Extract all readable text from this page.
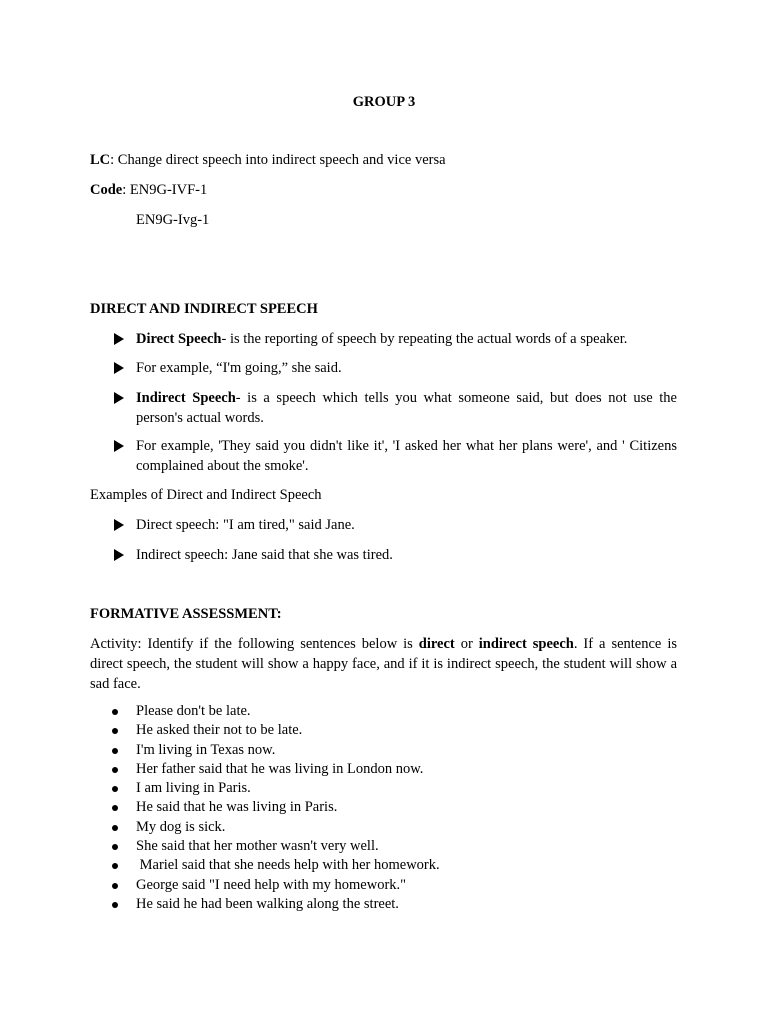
GROUP 3
LC: Change direct speech into indirect speech and vice versa
Code: EN9G-IVF-1
EN9G-Ivg-1
DIRECT AND INDIRECT SPEECH
Direct Speech- is the reporting of speech by repeating the actual words of a speaker.
For example, “I'm going,” she said.
Indirect Speech- is a speech which tells you what someone said, but does not use the person's actual words.
For example, 'They said you didn't like it', 'I asked her what her plans were', and ' Citizens complained about the smoke'.
Examples of Direct and Indirect Speech
Direct speech: "I am tired," said Jane.
Indirect speech: Jane said that she was tired.
FORMATIVE ASSESSMENT:
Activity: Identify if the following sentences below is direct or indirect speech. If a sentence is direct speech, the student will show a happy face, and if it is indirect speech, the student will show a sad face.
Please don't be late.
He asked their not to be late.
I'm living in Texas now.
Her father said that he was living in London now.
I am living in Paris.
He said that he was living in Paris.
My dog is sick.
She said that her mother wasn't very well.
Mariel said that she needs help with her homework.
George said "I need help with my homework."
He said he had been walking along the street.
